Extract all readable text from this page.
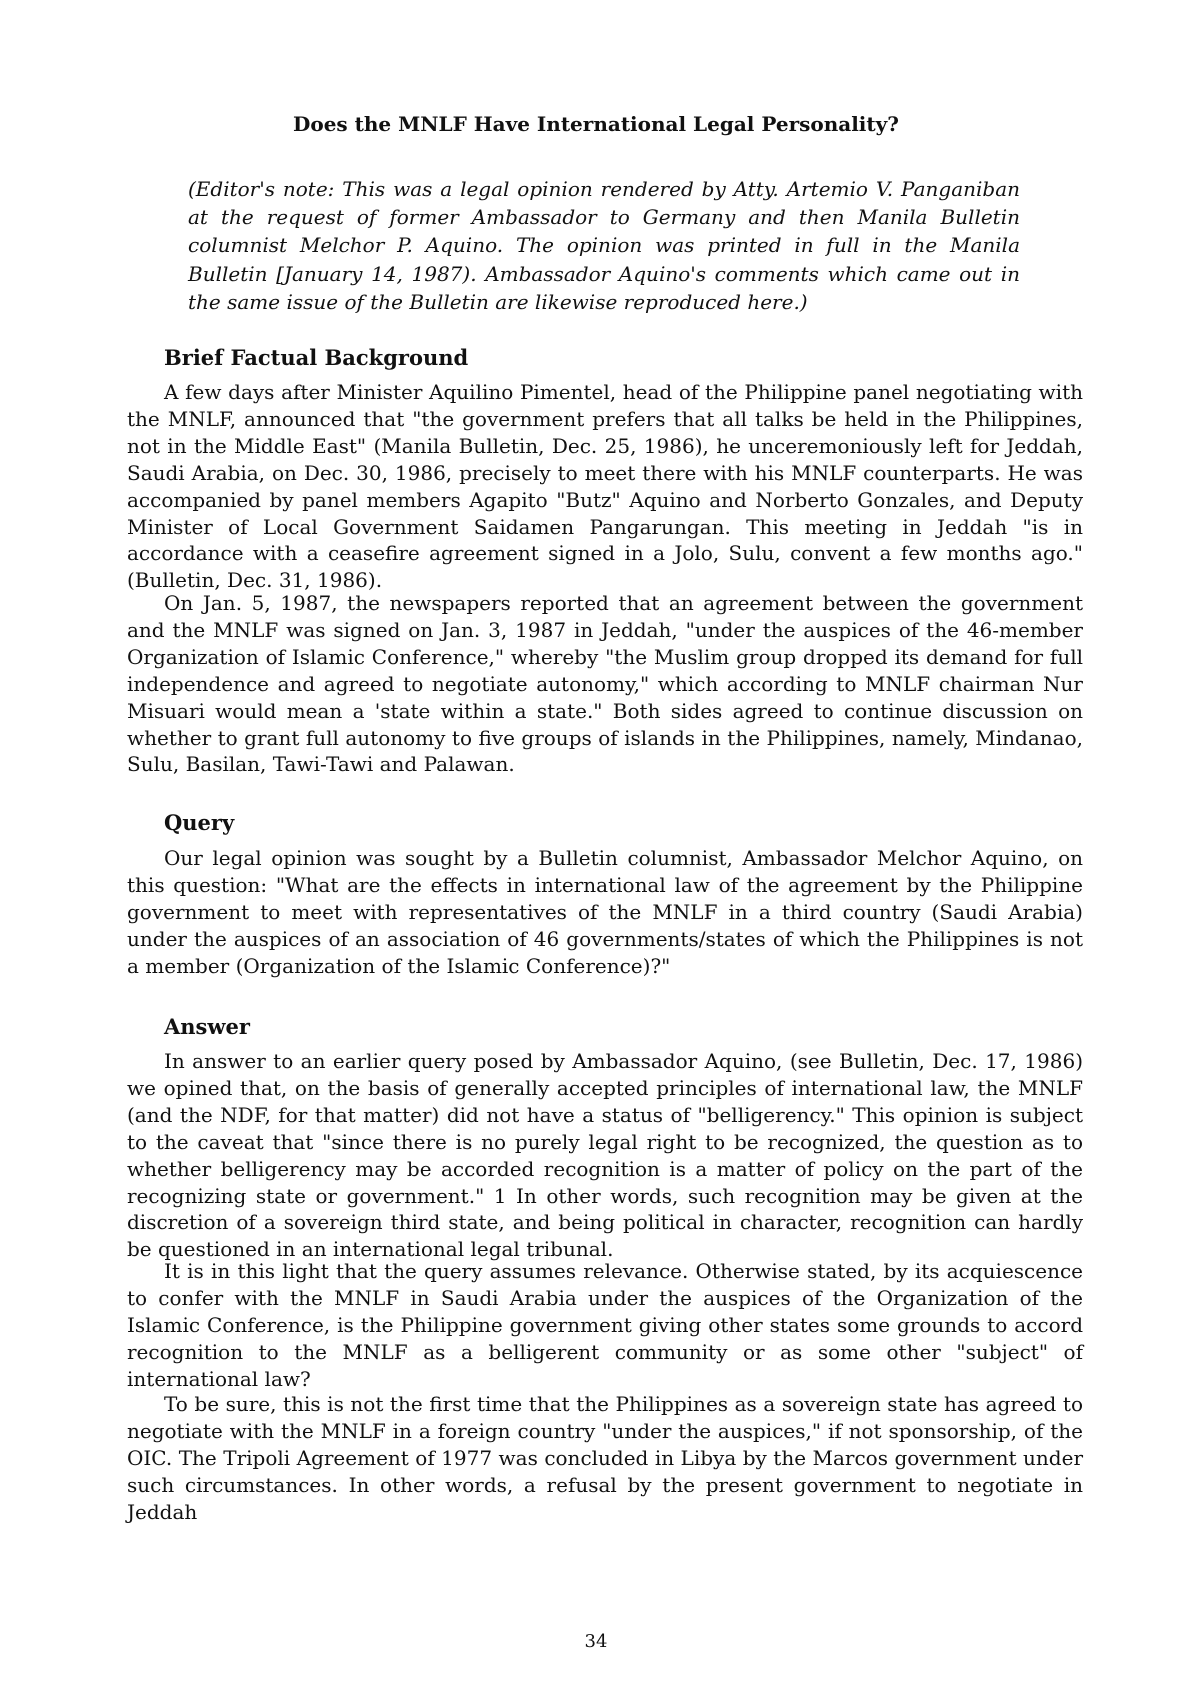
Does the MNLF Have International Legal Personality?
(Editor's note: This was a legal opinion rendered by Atty. Artemio V. Panganiban at the request of former Ambassador to Germany and then Manila Bulletin columnist Melchor P. Aquino. The opinion was printed in full in the Manila Bulletin [January 14, 1987). Ambassador Aquino's comments which came out in the same issue of the Bulletin are likewise reproduced here.)
Brief Factual Background

A few days after Minister Aquilino Pimentel, head of the Philippine panel negotiating with the MNLF, announced that "the government prefers that all talks be held in the Philippines, not in the Middle East" (Manila Bulletin, Dec. 25, 1986), he unceremoniously left for Jeddah, Saudi Arabia, on Dec. 30, 1986, precisely to meet there with his MNLF counterparts. He was accompanied by panel members Agapito "Butz" Aquino and Norberto Gonzales, and Deputy Minister of Local Government Saidamen Pangarungan. This meeting in Jeddah "is in accordance with a ceasefire agreement signed in a Jolo, Sulu, convent a few months ago." (Bulletin, Dec. 31, 1986).

On Jan. 5, 1987, the newspapers reported that an agreement between the government and the MNLF was signed on Jan. 3, 1987 in Jeddah, "under the auspices of the 46-member Organization of Islamic Conference," whereby "the Muslim group dropped its demand for full independence and agreed to negotiate autonomy," which according to MNLF chairman Nur Misuari would mean a 'state within a state." Both sides agreed to continue discussion on whether to grant full autonomy to five groups of islands in the Philippines, namely, Mindanao, Sulu, Basilan, Tawi-Tawi and Palawan.

Query

Our legal opinion was sought by a Bulletin columnist, Ambassador Melchor Aquino, on this question: "What are the effects in international law of the agreement by the Philippine government to meet with representatives of the MNLF in a third country (Saudi Arabia) under the auspices of an association of 46 governments/states of which the Philippines is not a member (Organization of the Islamic Conference)?"

Answer

In answer to an earlier query posed by Ambassador Aquino, (see Bulletin, Dec. 17, 1986) we opined that, on the basis of generally accepted principles of international law, the MNLF (and the NDF, for that matter) did not have a status of "belligerency." This opinion is subject to the caveat that "since there is no purely legal right to be recognized, the question as to whether belligerency may be accorded recognition is a matter of policy on the part of the recognizing state or government." 1 In other words, such recognition may be given at the discretion of a sovereign third state, and being political in character, recognition can hardly be questioned in an international legal tribunal.

It is in this light that the query assumes relevance. Otherwise stated, by its acquiescence to confer with the MNLF in Saudi Arabia under the auspices of the Organization of the Islamic Conference, is the Philippine government giving other states some grounds to accord recognition to the MNLF as a belligerent community or as some other "subject" of international law?

To be sure, this is not the first time that the Philippines as a sovereign state has agreed to negotiate with the MNLF in a foreign country "under the auspices," if not sponsorship, of the OIC. The Tripoli Agreement of 1977 was concluded in Libya by the Marcos government under such circumstances. In other words, a refusal by the present government to negotiate in Jeddah

34
